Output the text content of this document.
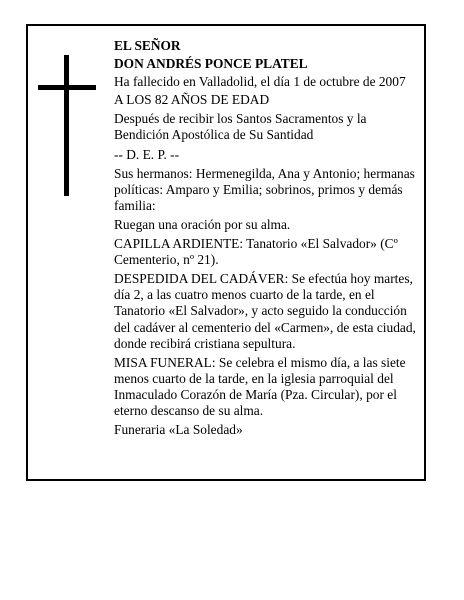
EL SEÑOR

DON ANDRÉS PONCE PLATEL

Ha fallecido en Valladolid, el día 1 de octubre de 2007

A LOS 82 AÑOS DE EDAD

Después de recibir los Santos Sacramentos y la Bendición Apostólica de Su Santidad

-- D. E. P. --

Sus hermanos: Hermenegilda, Ana y Antonio; hermanas políticas: Amparo y Emilia; sobrinos, primos y demás familia:

Ruegan una oración por su alma.

CAPILLA ARDIENTE: Tanatorio «El Salvador» (Cº Cementerio, nº 21).

DESPEDIDA DEL CADÁVER: Se efectúa hoy martes, día 2, a las cuatro menos cuarto de la tarde, en el Tanatorio «El Salvador», y acto seguido la conducción del cadáver al cementerio del «Carmen», de esta ciudad, donde recibirá cristiana sepultura.

MISA FUNERAL: Se celebra el mismo día, a las siete menos cuarto de la tarde, en la iglesia parroquial del Inmaculado Corazón de María (Pza. Circular), por el eterno descanso de su alma.

Funeraria «La Soledad»
